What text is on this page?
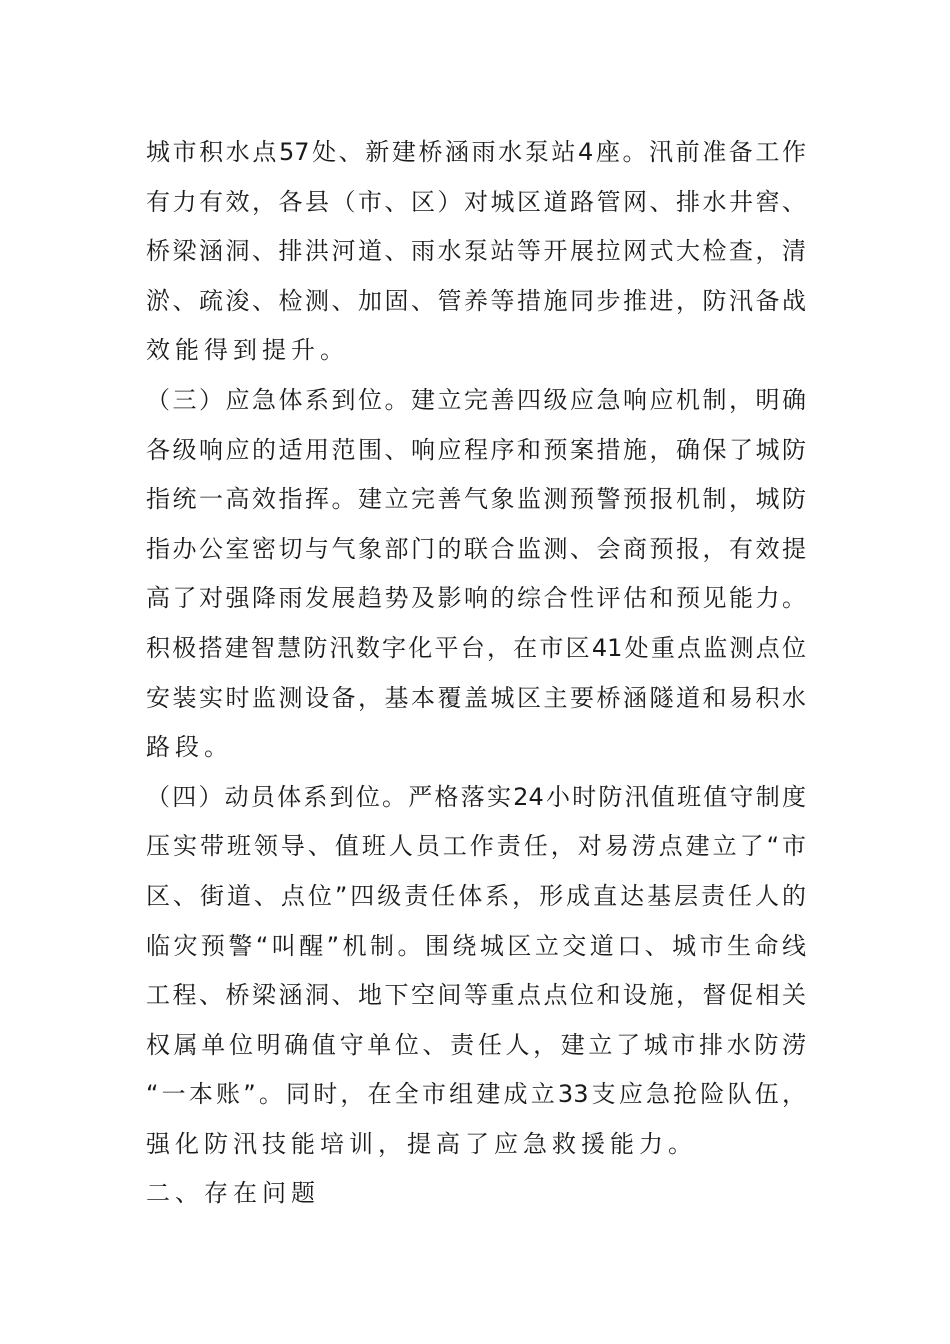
城市积水点57处、新建桥涵雨水泵站4座。汛前准备工作
有力有效，各县（市、区）对城区道路管网、排水井窖、
桥梁涵洞、排洪河道、雨水泵站等开展拉网式大检查，清
淤、疏浚、检测、加固、管养等措施同步推进，防汛备战
效能得到提升。
（三）应急体系到位。建立完善四级应急响应机制，明确
各级响应的适用范围、响应程序和预案措施，确保了城防
指统一高效指挥。建立完善气象监测预警预报机制，城防
指办公室密切与气象部门的联合监测、会商预报，有效提
高了对强降雨发展趋势及影响的综合性评估和预见能力。
积极搭建智慧防汛数字化平台，在市区41处重点监测点位
安装实时监测设备，基本覆盖城区主要桥涵隧道和易积水
路段。
（四）动员体系到位。严格落实24小时防汛值班值守制度
压实带班领导、值班人员工作责任，对易涝点建立了“市
区、街道、点位”四级责任体系，形成直达基层责任人的
临灾预警“叫醒”机制。围绕城区立交道口、城市生命线
工程、桥梁涵洞、地下空间等重点点位和设施，督促相关
权属单位明确值守单位、责任人，建立了城市排水防涝
“一本账”。同时，在全市组建成立33支应急抢险队伍，
强化防汛技能培训，提高了应急救援能力。
二、存在问题
